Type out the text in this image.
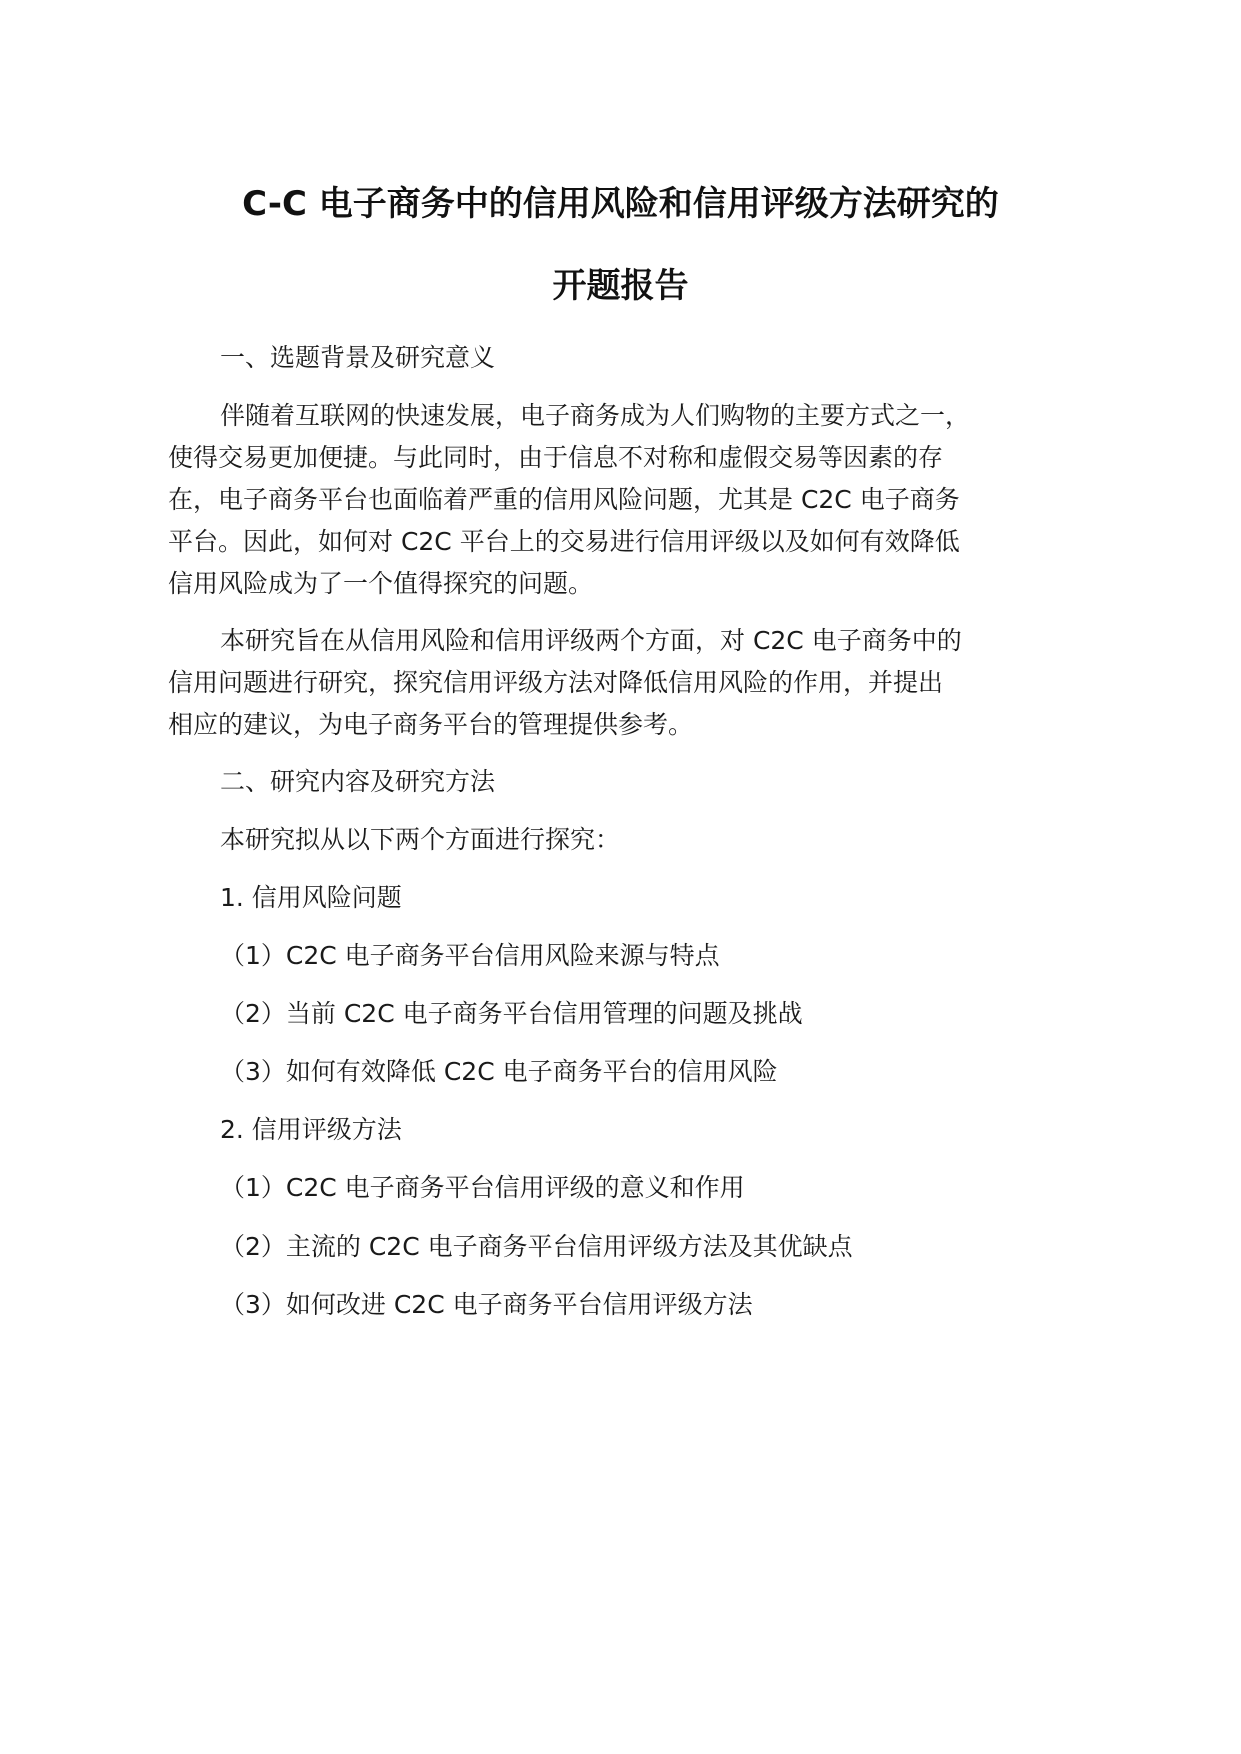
C-C 电子商务中的信用风险和信用评级方法研究的
开题报告

一、选题背景及研究意义

伴随着互联网的快速发展，电子商务成为人们购物的主要方式之一，

使得交易更加便捷。与此同时，由于信息不对称和虚假交易等因素的存

在，电子商务平台也面临着严重的信用风险问题，尤其是 C2C 电子商务

平台。因此，如何对 C2C 平台上的交易进行信用评级以及如何有效降低

信用风险成为了一个值得探究的问题。

本研究旨在从信用风险和信用评级两个方面，对 C2C 电子商务中的

信用问题进行研究，探究信用评级方法对降低信用风险的作用，并提出

相应的建议，为电子商务平台的管理提供参考。

二、研究内容及研究方法

本研究拟从以下两个方面进行探究：

1. 信用风险问题

（1）C2C 电子商务平台信用风险来源与特点

（2）当前 C2C 电子商务平台信用管理的问题及挑战

（3）如何有效降低 C2C 电子商务平台的信用风险

2. 信用评级方法

（1）C2C 电子商务平台信用评级的意义和作用

（2）主流的 C2C 电子商务平台信用评级方法及其优缺点

（3）如何改进 C2C 电子商务平台信用评级方法
